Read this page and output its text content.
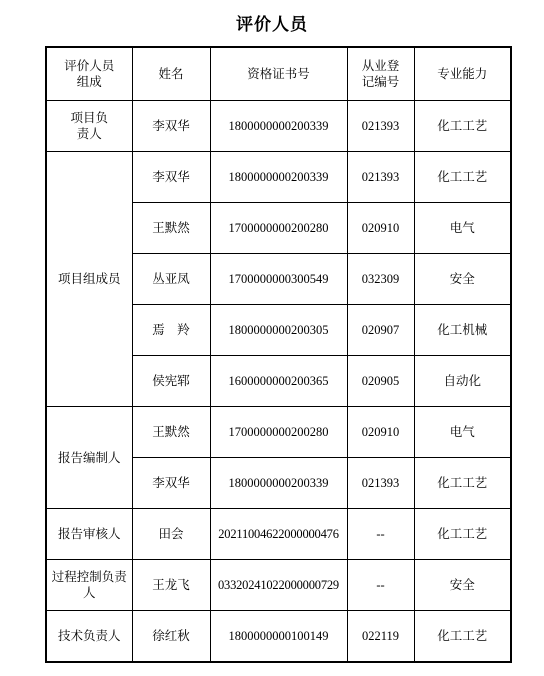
评价人员
评价人员组成	姓名	资格证书号	从业登记编号	专业能力

项目负责人	李双华	1800000000200339	021393	化工工艺
项目组成员	李双华	1800000000200339	021393	化工工艺
	王默然	1700000000200280	020910	电气
	丛亚凤	1700000000300549	032309	安全
	焉　羚	1800000000200305	020907	化工机械
	侯宪郓	1600000000200365	020905	自动化
报告编制人	王默然	1700000000200280	020910	电气
	李双华	1800000000200339	021393	化工工艺
报告审核人	田会	20211004622000000476	--	化工工艺
过程控制负责人	王龙飞	03320241022000000729	--	安全
技术负责人	徐红秋	1800000000100149	022119	化工工艺
